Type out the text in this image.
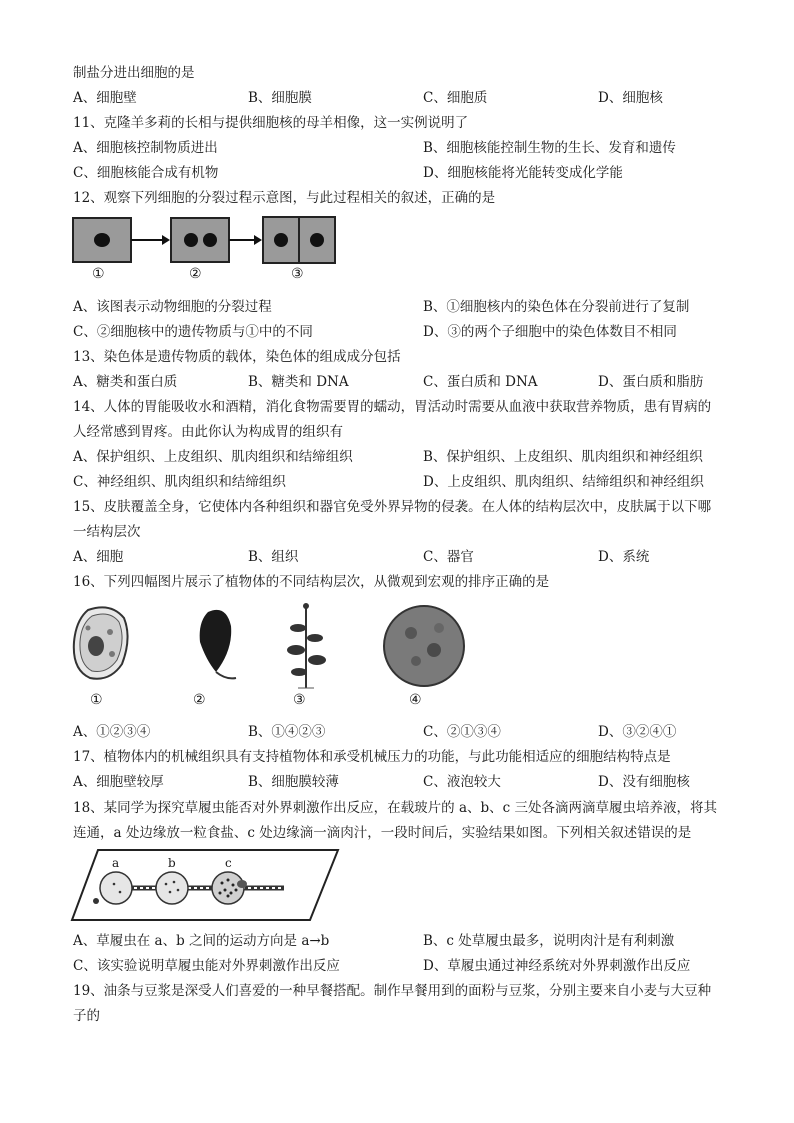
制盐分进出细胞的是
A、细胞壁	B、细胞膜	C、细胞质	D、细胞核
11、克隆羊多莉的长相与提供细胞核的母羊相像，这一实例说明了
A、细胞核控制物质进出	B、细胞核能控制生物的生长、发育和遗传
C、细胞核能合成有机物	D、细胞核能将光能转变成化学能
12、观察下列细胞的分裂过程示意图，与此过程相关的叙述，正确的是
①	②	③
A、该图表示动物细胞的分裂过程	B、①细胞核内的染色体在分裂前进行了复制
C、②细胞核中的遗传物质与①中的不同	D、③的两个子细胞中的染色体数目不相同
13、染色体是遗传物质的载体，染色体的组成成分包括
A、糖类和蛋白质	B、糖类和 DNA	C、蛋白质和 DNA	D、蛋白质和脂肪
14、人体的胃能吸收水和酒精，消化食物需要胃的蠕动，胃活动时需要从血液中获取营养物质，患有胃病的
人经常感到胃疼。由此你认为构成胃的组织有
A、保护组织、上皮组织、肌肉组织和结缔组织	B、保护组织、上皮组织、肌肉组织和神经组织
C、神经组织、肌肉组织和结缔组织	D、上皮组织、肌肉组织、结缔组织和神经组织
15、皮肤覆盖全身，它使体内各种组织和器官免受外界异物的侵袭。在人体的结构层次中，皮肤属于以下哪
一结构层次
A、细胞	B、组织	C、器官	D、系统
16、下列四幅图片展示了植物体的不同结构层次，从微观到宏观的排序正确的是
①	②	③	④
A、①②③④	B、①④②③	C、②①③④	D、③②④①
17、植物体内的机械组织具有支持植物体和承受机械压力的功能，与此功能相适应的细胞结构特点是
A、细胞壁较厚	B、细胞膜较薄	C、液泡较大	D、没有细胞核
18、某同学为探究草履虫能否对外界刺激作出反应，在载玻片的 a、b、c 三处各滴两滴草履虫培养液，将其
连通，a 处边缘放一粒食盐、c 处边缘滴一滴肉汁，一段时间后，实验结果如图。下列相关叙述错误的是
a	b	c
A、草履虫在 a、b 之间的运动方向是 a→b	B、c 处草履虫最多，说明肉汁是有利刺激
C、该实验说明草履虫能对外界刺激作出反应	D、草履虫通过神经系统对外界刺激作出反应
19、油条与豆浆是深受人们喜爱的一种早餐搭配。制作早餐用到的面粉与豆浆，分别主要来自小麦与大豆种
子的
